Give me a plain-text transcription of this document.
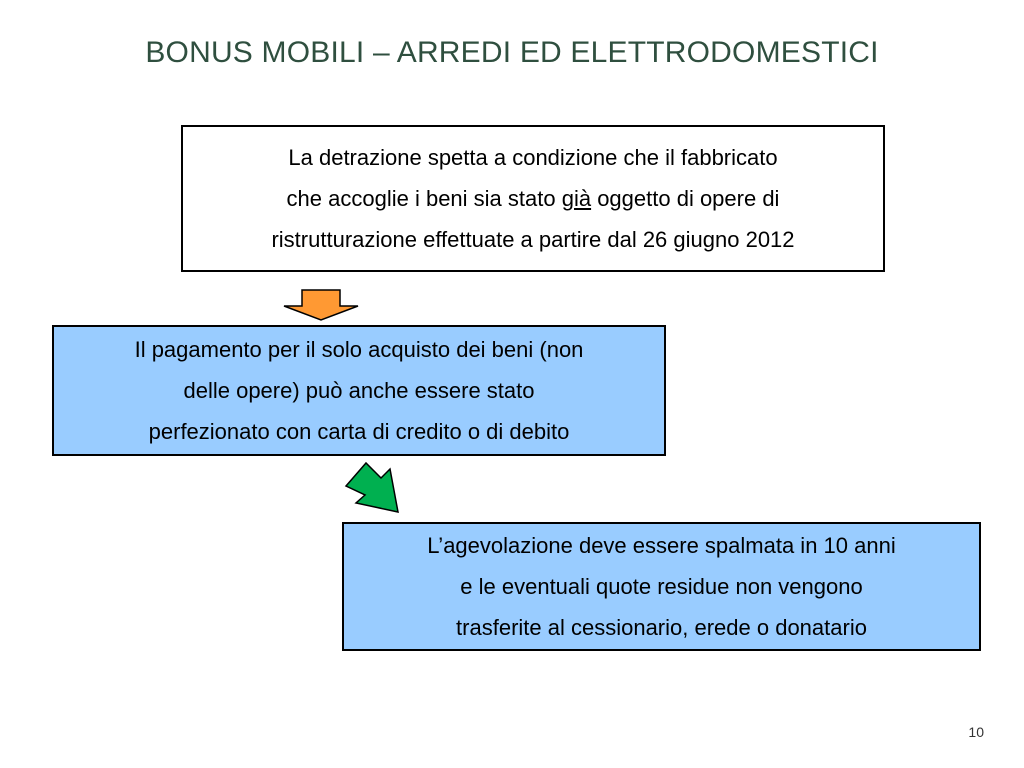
BONUS MOBILI – ARREDI ED ELETTRODOMESTICI

La detrazione spetta a condizione che il fabbricato
che accoglie i beni sia stato già oggetto di opere di
ristrutturazione effettuate a partire dal 26 giugno 2012

Il pagamento per il solo acquisto dei beni (non
delle opere) può anche essere stato
perfezionato con carta di credito o di debito

L’agevolazione deve essere spalmata in 10 anni
e le eventuali quote residue non vengono
trasferite al cessionario, erede o donatario

10
